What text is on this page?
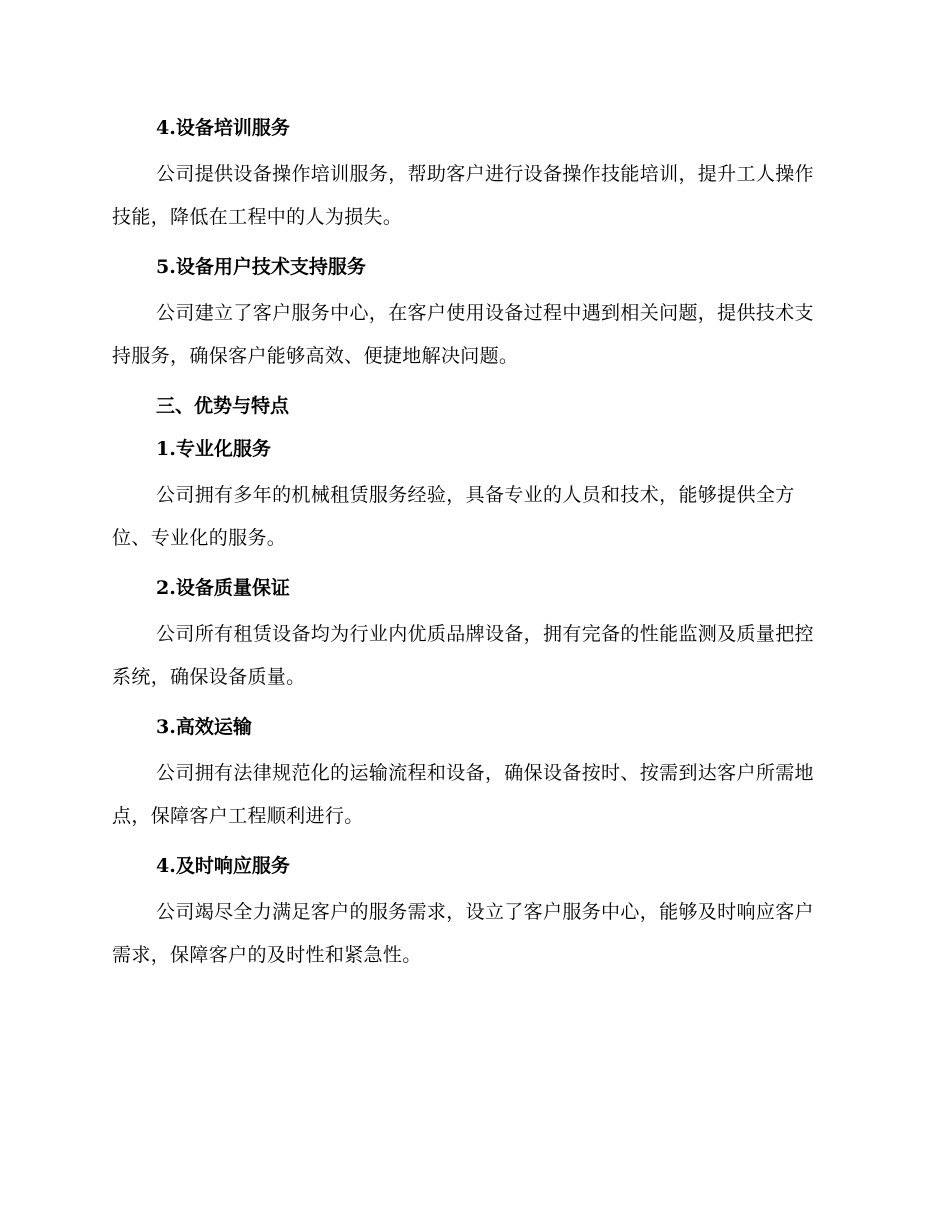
4.设备培训服务

公司提供设备操作培训服务，帮助客户进行设备操作技能培训，提升工人操作技能，降低在工程中的人为损失。

5.设备用户技术支持服务

公司建立了客户服务中心，在客户使用设备过程中遇到相关问题，提供技术支持服务，确保客户能够高效、便捷地解决问题。

三、优势与特点
1.专业化服务

公司拥有多年的机械租赁服务经验，具备专业的人员和技术，能够提供全方位、专业化的服务。

2.设备质量保证

公司所有租赁设备均为行业内优质品牌设备，拥有完备的性能监测及质量把控系统，确保设备质量。

3.高效运输

公司拥有法律规范化的运输流程和设备，确保设备按时、按需到达客户所需地点，保障客户工程顺利进行。

4.及时响应服务

公司竭尽全力满足客户的服务需求，设立了客户服务中心，能够及时响应客户需求，保障客户的及时性和紧急性。
